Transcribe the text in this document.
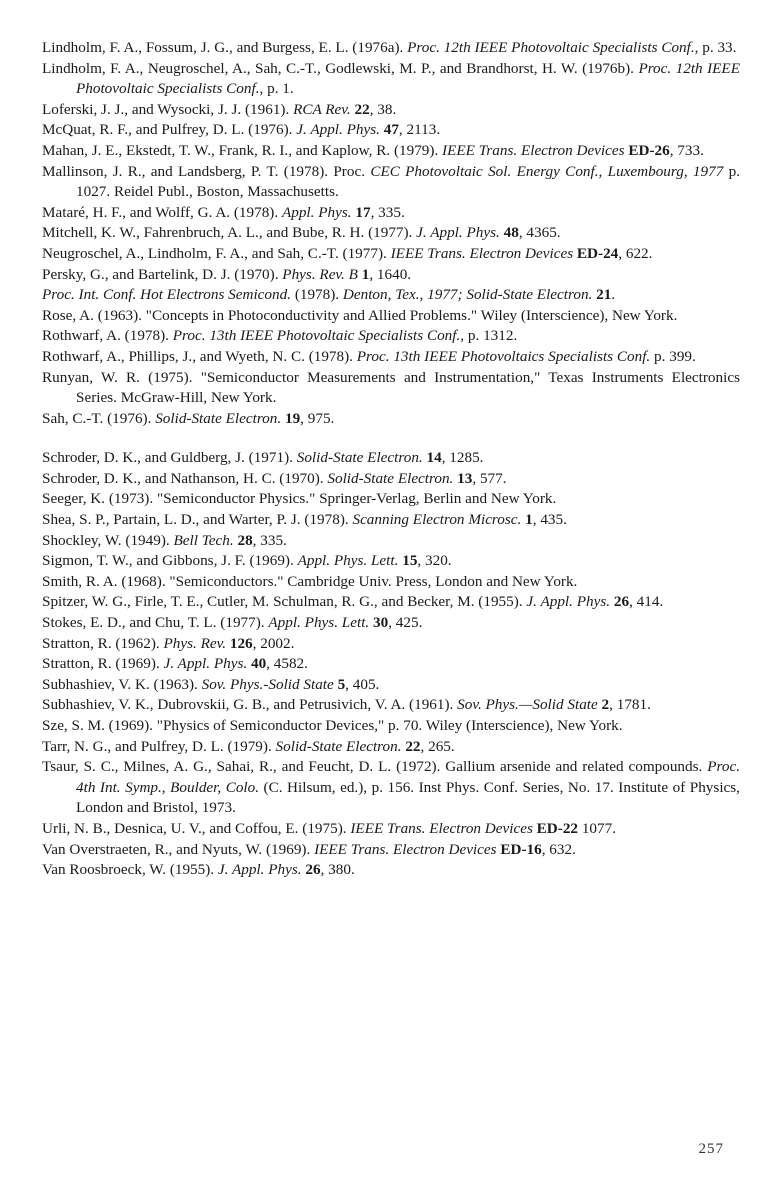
Lindholm, F. A., Fossum, J. G., and Burgess, E. L. (1976a). Proc. 12th IEEE Photovoltaic Specialists Conf., p. 33.

Lindholm, F. A., Neugroschel, A., Sah, C.-T., Godlewski, M. P., and Brandhorst, H. W. (1976b). Proc. 12th IEEE Photovoltaic Specialists Conf., p. 1.

Loferski, J. J., and Wysocki, J. J. (1961). RCA Rev. 22, 38.

McQuat, R. F., and Pulfrey, D. L. (1976). J. Appl. Phys. 47, 2113.

Mahan, J. E., Ekstedt, T. W., Frank, R. I., and Kaplow, R. (1979). IEEE Trans. Electron Devices ED-26, 733.

Mallinson, J. R., and Landsberg, P. T. (1978). Proc. CEC Photovoltaic Sol. Energy Conf., Luxembourg, 1977 p. 1027. Reidel Publ., Boston, Massachusetts.

Mataré, H. F., and Wolff, G. A. (1978). Appl. Phys. 17, 335.

Mitchell, K. W., Fahrenbruch, A. L., and Bube, R. H. (1977). J. Appl. Phys. 48, 4365.

Neugroschel, A., Lindholm, F. A., and Sah, C.-T. (1977). IEEE Trans. Electron Devices ED-24, 622.

Persky, G., and Bartelink, D. J. (1970). Phys. Rev. B 1, 1640.

Proc. Int. Conf. Hot Electrons Semicond. (1978). Denton, Tex., 1977; Solid-State Electron. 21.

Rose, A. (1963). "Concepts in Photoconductivity and Allied Problems." Wiley (Interscience), New York.

Rothwarf, A. (1978). Proc. 13th IEEE Photovoltaic Specialists Conf., p. 1312.

Rothwarf, A., Phillips, J., and Wyeth, N. C. (1978). Proc. 13th IEEE Photovoltaics Specialists Conf. p. 399.

Runyan, W. R. (1975). "Semiconductor Measurements and Instrumentation," Texas Instruments Electronics Series. McGraw-Hill, New York.

Sah, C.-T. (1976). Solid-State Electron. 19, 975.

Schroder, D. K., and Guldberg, J. (1971). Solid-State Electron. 14, 1285.

Schroder, D. K., and Nathanson, H. C. (1970). Solid-State Electron. 13, 577.

Seeger, K. (1973). "Semiconductor Physics." Springer-Verlag, Berlin and New York.

Shea, S. P., Partain, L. D., and Warter, P. J. (1978). Scanning Electron Microsc. 1, 435.

Shockley, W. (1949). Bell Tech. 28, 335.

Sigmon, T. W., and Gibbons, J. F. (1969). Appl. Phys. Lett. 15, 320.

Smith, R. A. (1968). "Semiconductors." Cambridge Univ. Press, London and New York.

Spitzer, W. G., Firle, T. E., Cutler, M. Schulman, R. G., and Becker, M. (1955). J. Appl. Phys. 26, 414.

Stokes, E. D., and Chu, T. L. (1977). Appl. Phys. Lett. 30, 425.

Stratton, R. (1962). Phys. Rev. 126, 2002.

Stratton, R. (1969). J. Appl. Phys. 40, 4582.

Subhashiev, V. K. (1963). Sov. Phys.-Solid State 5, 405.

Subhashiev, V. K., Dubrovskii, G. B., and Petrusivich, V. A. (1961). Sov. Phys.—Solid State 2, 1781.

Sze, S. M. (1969). "Physics of Semiconductor Devices," p. 70. Wiley (Interscience), New York.

Tarr, N. G., and Pulfrey, D. L. (1979). Solid-State Electron. 22, 265.

Tsaur, S. C., Milnes, A. G., Sahai, R., and Feucht, D. L. (1972). Gallium arsenide and related compounds. Proc. 4th Int. Symp., Boulder, Colo. (C. Hilsum, ed.), p. 156. Inst Phys. Conf. Series, No. 17. Institute of Physics, London and Bristol, 1973.

Urli, N. B., Desnica, U. V., and Coffou, E. (1975). IEEE Trans. Electron Devices ED-22 1077.

Van Overstraeten, R., and Nyuts, W. (1969). IEEE Trans. Electron Devices ED-16, 632.

Van Roosbroeck, W. (1955). J. Appl. Phys. 26, 380.

257
